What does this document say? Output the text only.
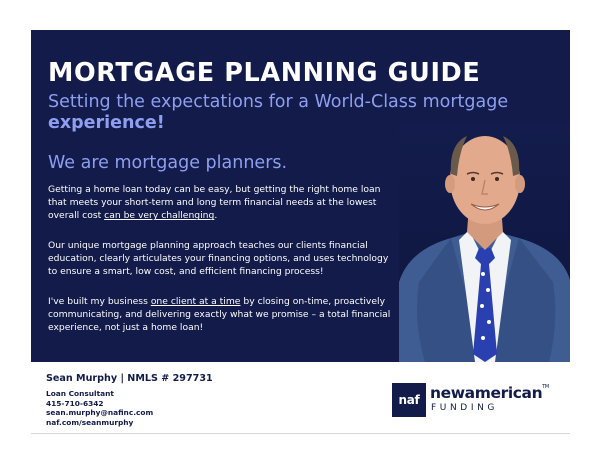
MORTGAGE PLANNING GUIDE
Setting the expectations for a World-Class mortgage experience!
We are mortgage planners.
Getting a home loan today can be easy, but getting the right home loan that meets your short-term and long term financial needs at the lowest overall cost can be very challenging.
Our unique mortgage planning approach teaches our clients financial education, clearly articulates your financing options, and uses technology to ensure a smart, low cost, and efficient financing process!
I've built my business one client at a time by closing on-time, proactively communicating, and delivering exactly what we promise – a total financial experience, not just a home loan!
Sean Murphy | NMLS # 297731
Loan Consultant
415-710-6342
sean.murphy@nafinc.com
naf.com/seanmurphy
naf newamerican™
FUNDING
